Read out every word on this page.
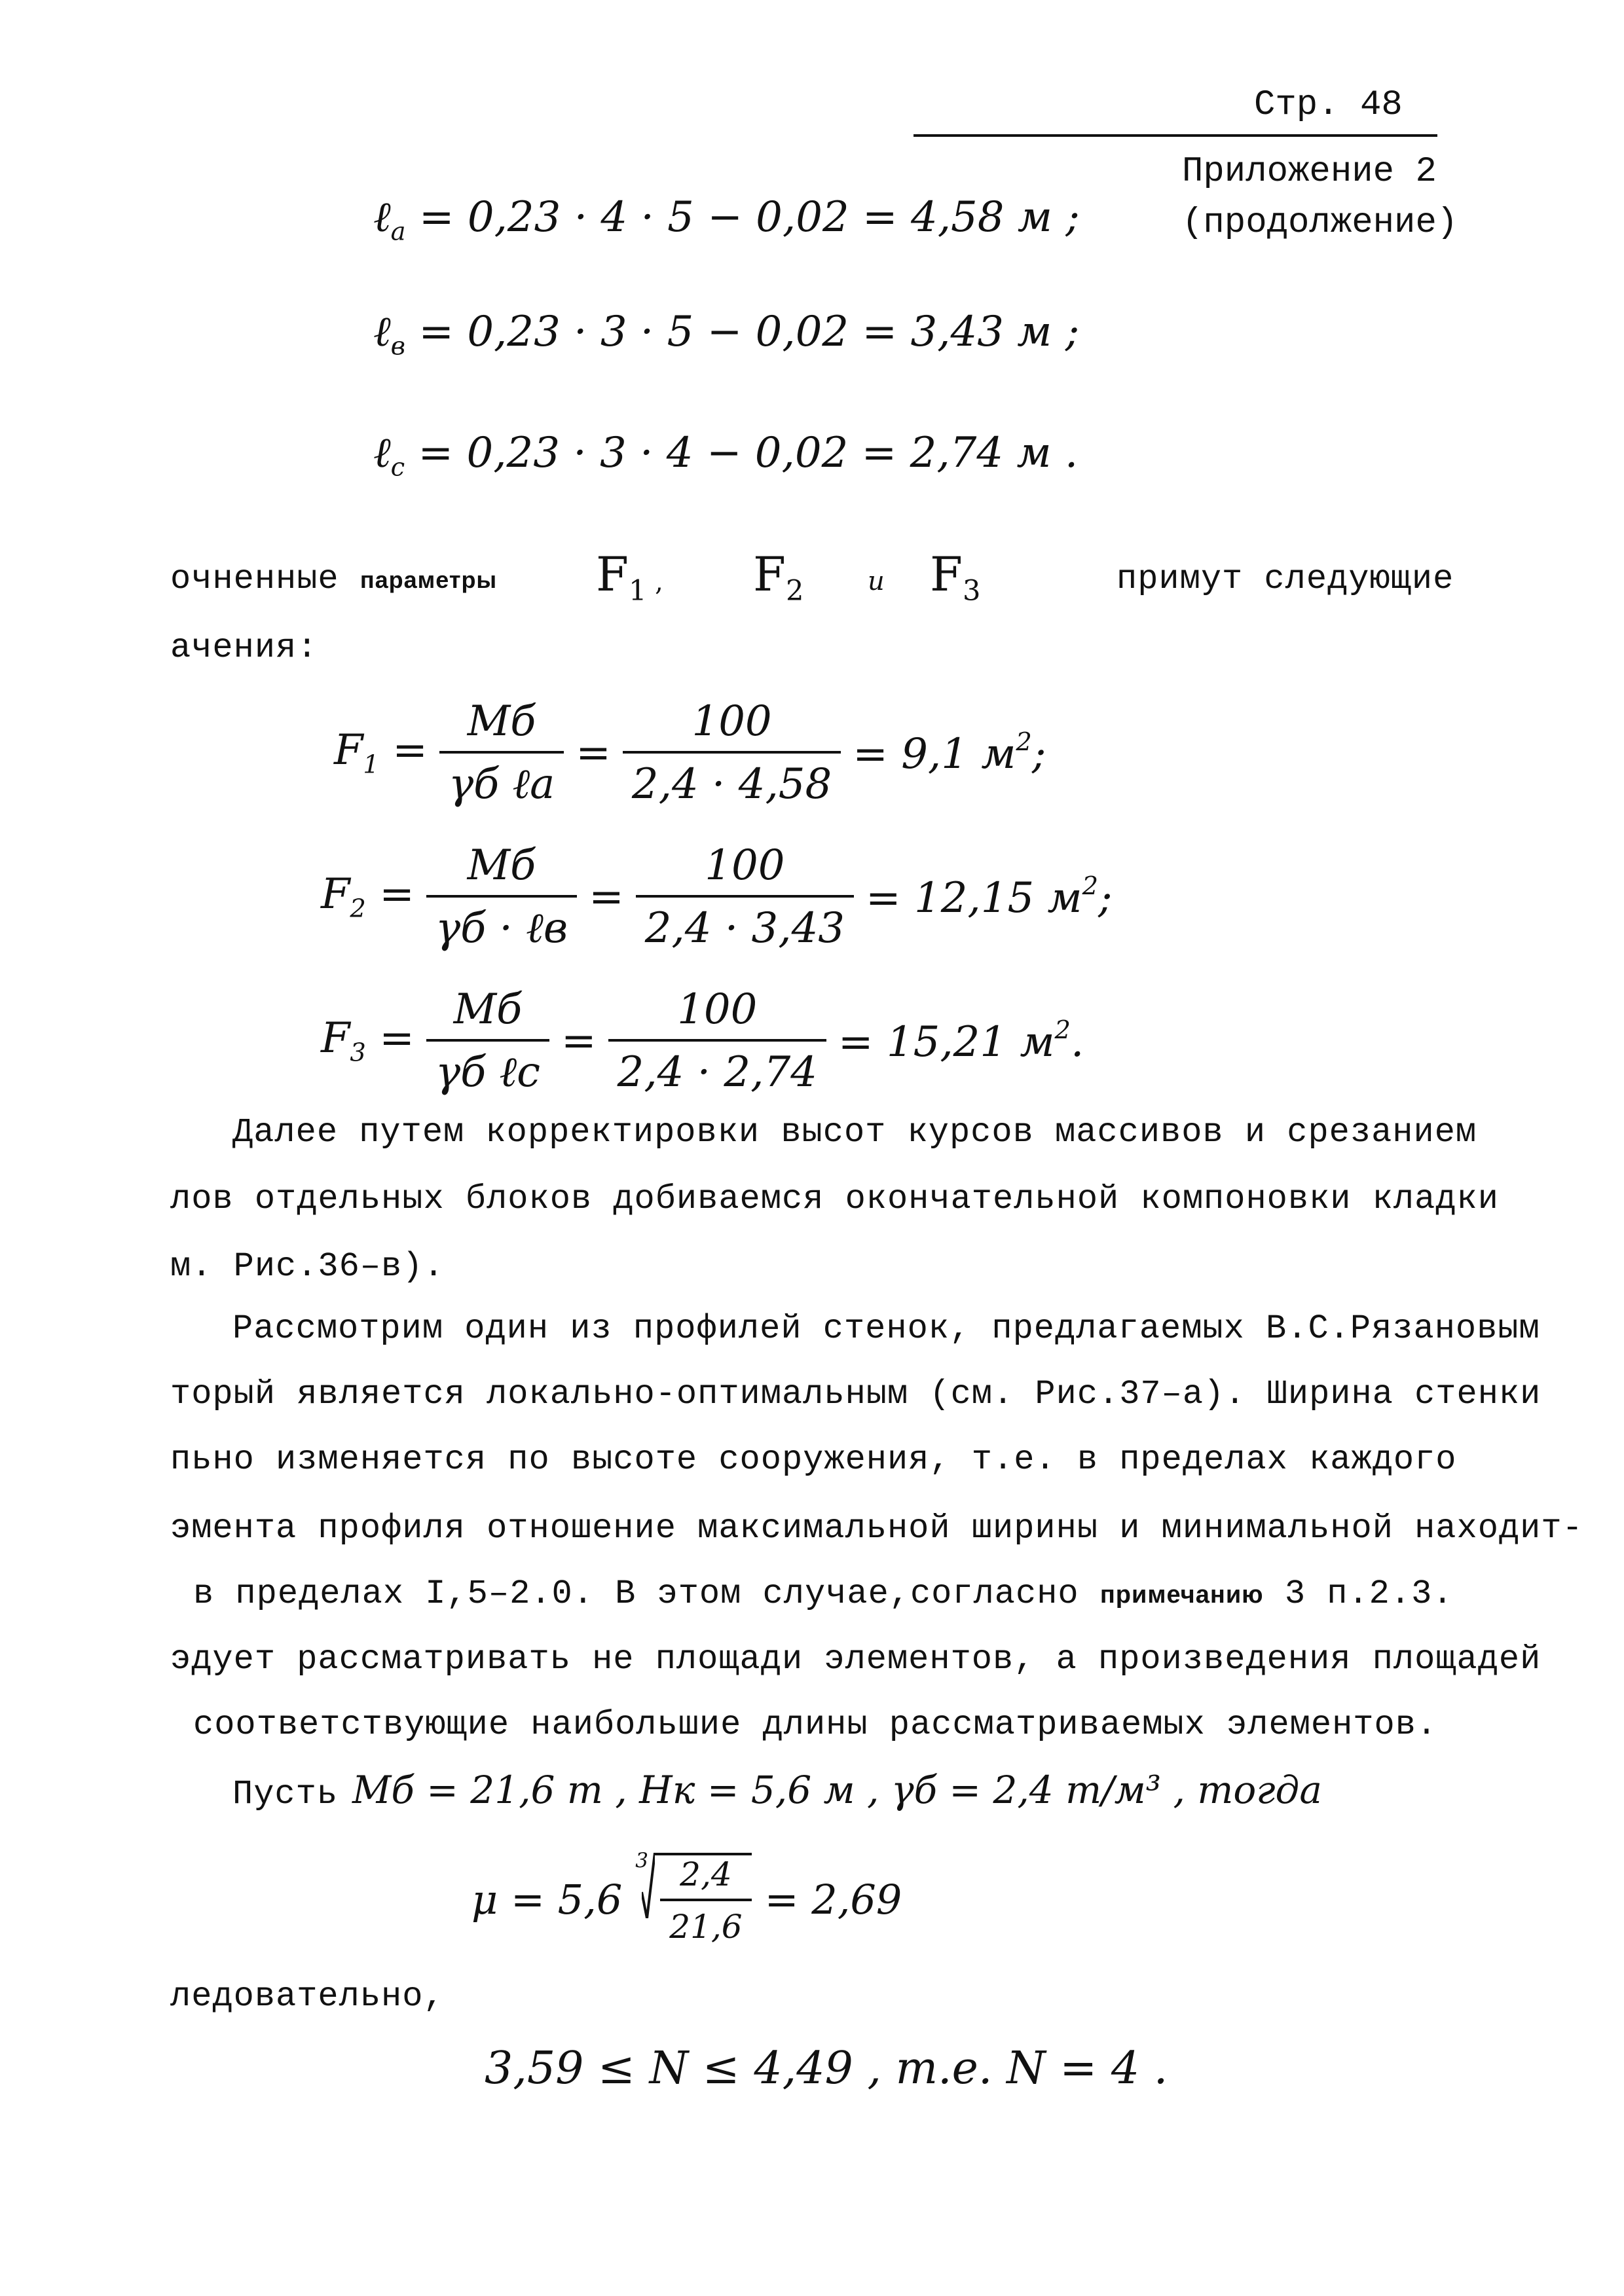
Стр. 48
Приложение 2
(продолжение)
ℓ$_a$ = 0,23 · 4 · 5 − 0,02 = 4,58 м ;
ℓ$_в$ = 0,23 · 3 · 5 − 0,02 = 3,43 м ;
ℓ$_c$ = 0,23 · 3 · 4 − 0,02 = 2,74 м .
очненные параметры $F_1$ , $F_2$ и $F_3$	примут следующие
ачения:
$F_1 = \frac{Mб}{\text{γб ℓa}} = \frac{100}{2,4 \cdot 4,58} = 9,1$ $м^2$;
$F_2 = \frac{Mб}{\text{γб · ℓв}} = \frac{100}{2,4 \cdot 3,43} = 12,15$ $м^2$;
$F_3 = \frac{Mб}{\text{γб ℓc}} = \frac{100}{2,4 \cdot 2,74} = 15,21$ $м^2$.
Далее путем корректировки высот курсов массивов и срезанием
лов отдельных блоков добиваемся окончательной компоновки кладки
м. Рис.36–в).
Рассмотрим один из профилей стенок, предлагаемых В.С.Рязановым
торый является локально-оптимальным (см. Рис.37–а). Ширина стенки
пьно изменяется по высоте сооружения, т.е. в пределах каждого
эмента профиля отношение максимальной ширины и минимальной находит-
в пределах I,5–2.0. В этом случае,согласно примечанию 3 п.2.3.
эдует рассматривать не площади элементов, а произведения площадей
соответствующие наибольшие длины рассматриваемых элементов.
Пусть Mб = 21,6 т , Hк = 5,6 м , γб = 2,4 т/м³ , тогда
μ = 5,6
$3 \frac{2,4}{21,6} = 2,69$
ледовательно,
3,59 ≤ N ≤ 4,49 , т.е. N = 4 .
